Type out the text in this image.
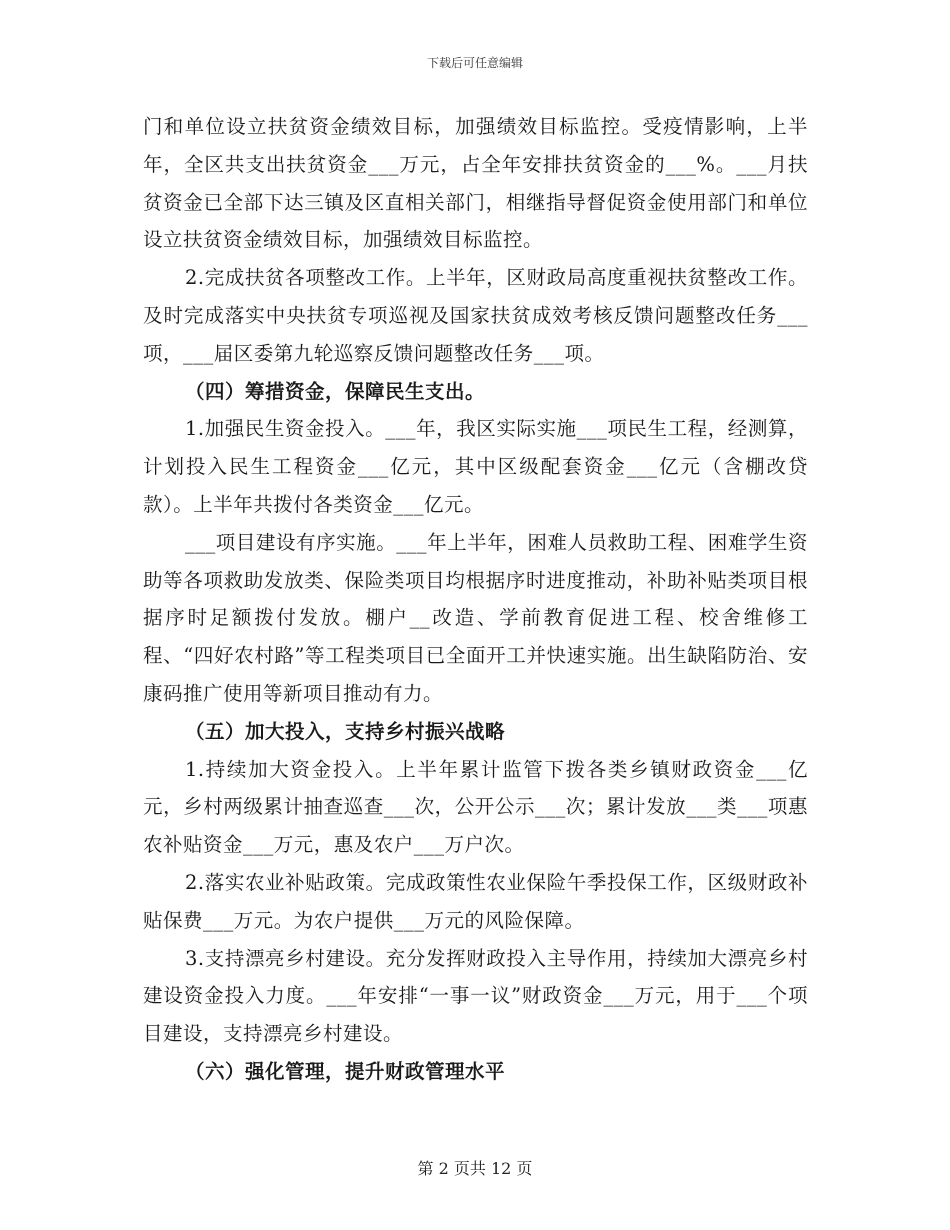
下载后可任意编辑

门和单位设立扶贫资金绩效目标，加强绩效目标监控。受疫情影响，上半年，全区共支出扶贫资金___万元，占全年安排扶贫资金的___%。___月扶贫资金已全部下达三镇及区直相关部门，相继指导督促资金使用部门和单位设立扶贫资金绩效目标，加强绩效目标监控。

2.完成扶贫各项整改工作。上半年，区财政局高度重视扶贫整改工作。及时完成落实中央扶贫专项巡视及国家扶贫成效考核反馈问题整改任务___项，___届区委第九轮巡察反馈问题整改任务___项。

（四）筹措资金，保障民生支出。

1.加强民生资金投入。___年，我区实际实施___项民生工程，经测算，计划投入民生工程资金___亿元，其中区级配套资金___亿元（含棚改贷款）。上半年共拨付各类资金___亿元。

___项目建设有序实施。___年上半年，困难人员救助工程、困难学生资助等各项救助发放类、保险类项目均根据序时进度推动，补助补贴类项目根据序时足额拨付发放。棚户__改造、学前教育促进工程、校舍维修工程、“四好农村路”等工程类项目已全面开工并快速实施。出生缺陷防治、安康码推广使用等新项目推动有力。

（五）加大投入，支持乡村振兴战略

1.持续加大资金投入。上半年累计监管下拨各类乡镇财政资金___亿元，乡村两级累计抽查巡查___次，公开公示___次；累计发放___类___项惠农补贴资金___万元，惠及农户___万户次。

2.落实农业补贴政策。完成政策性农业保险午季投保工作，区级财政补贴保费___万元。为农户提供___万元的风险保障。

3.支持漂亮乡村建设。充分发挥财政投入主导作用，持续加大漂亮乡村建设资金投入力度。___年安排“一事一议”财政资金___万元，用于___个项目建设，支持漂亮乡村建设。

（六）强化管理，提升财政管理水平

第 2 页共 12 页
